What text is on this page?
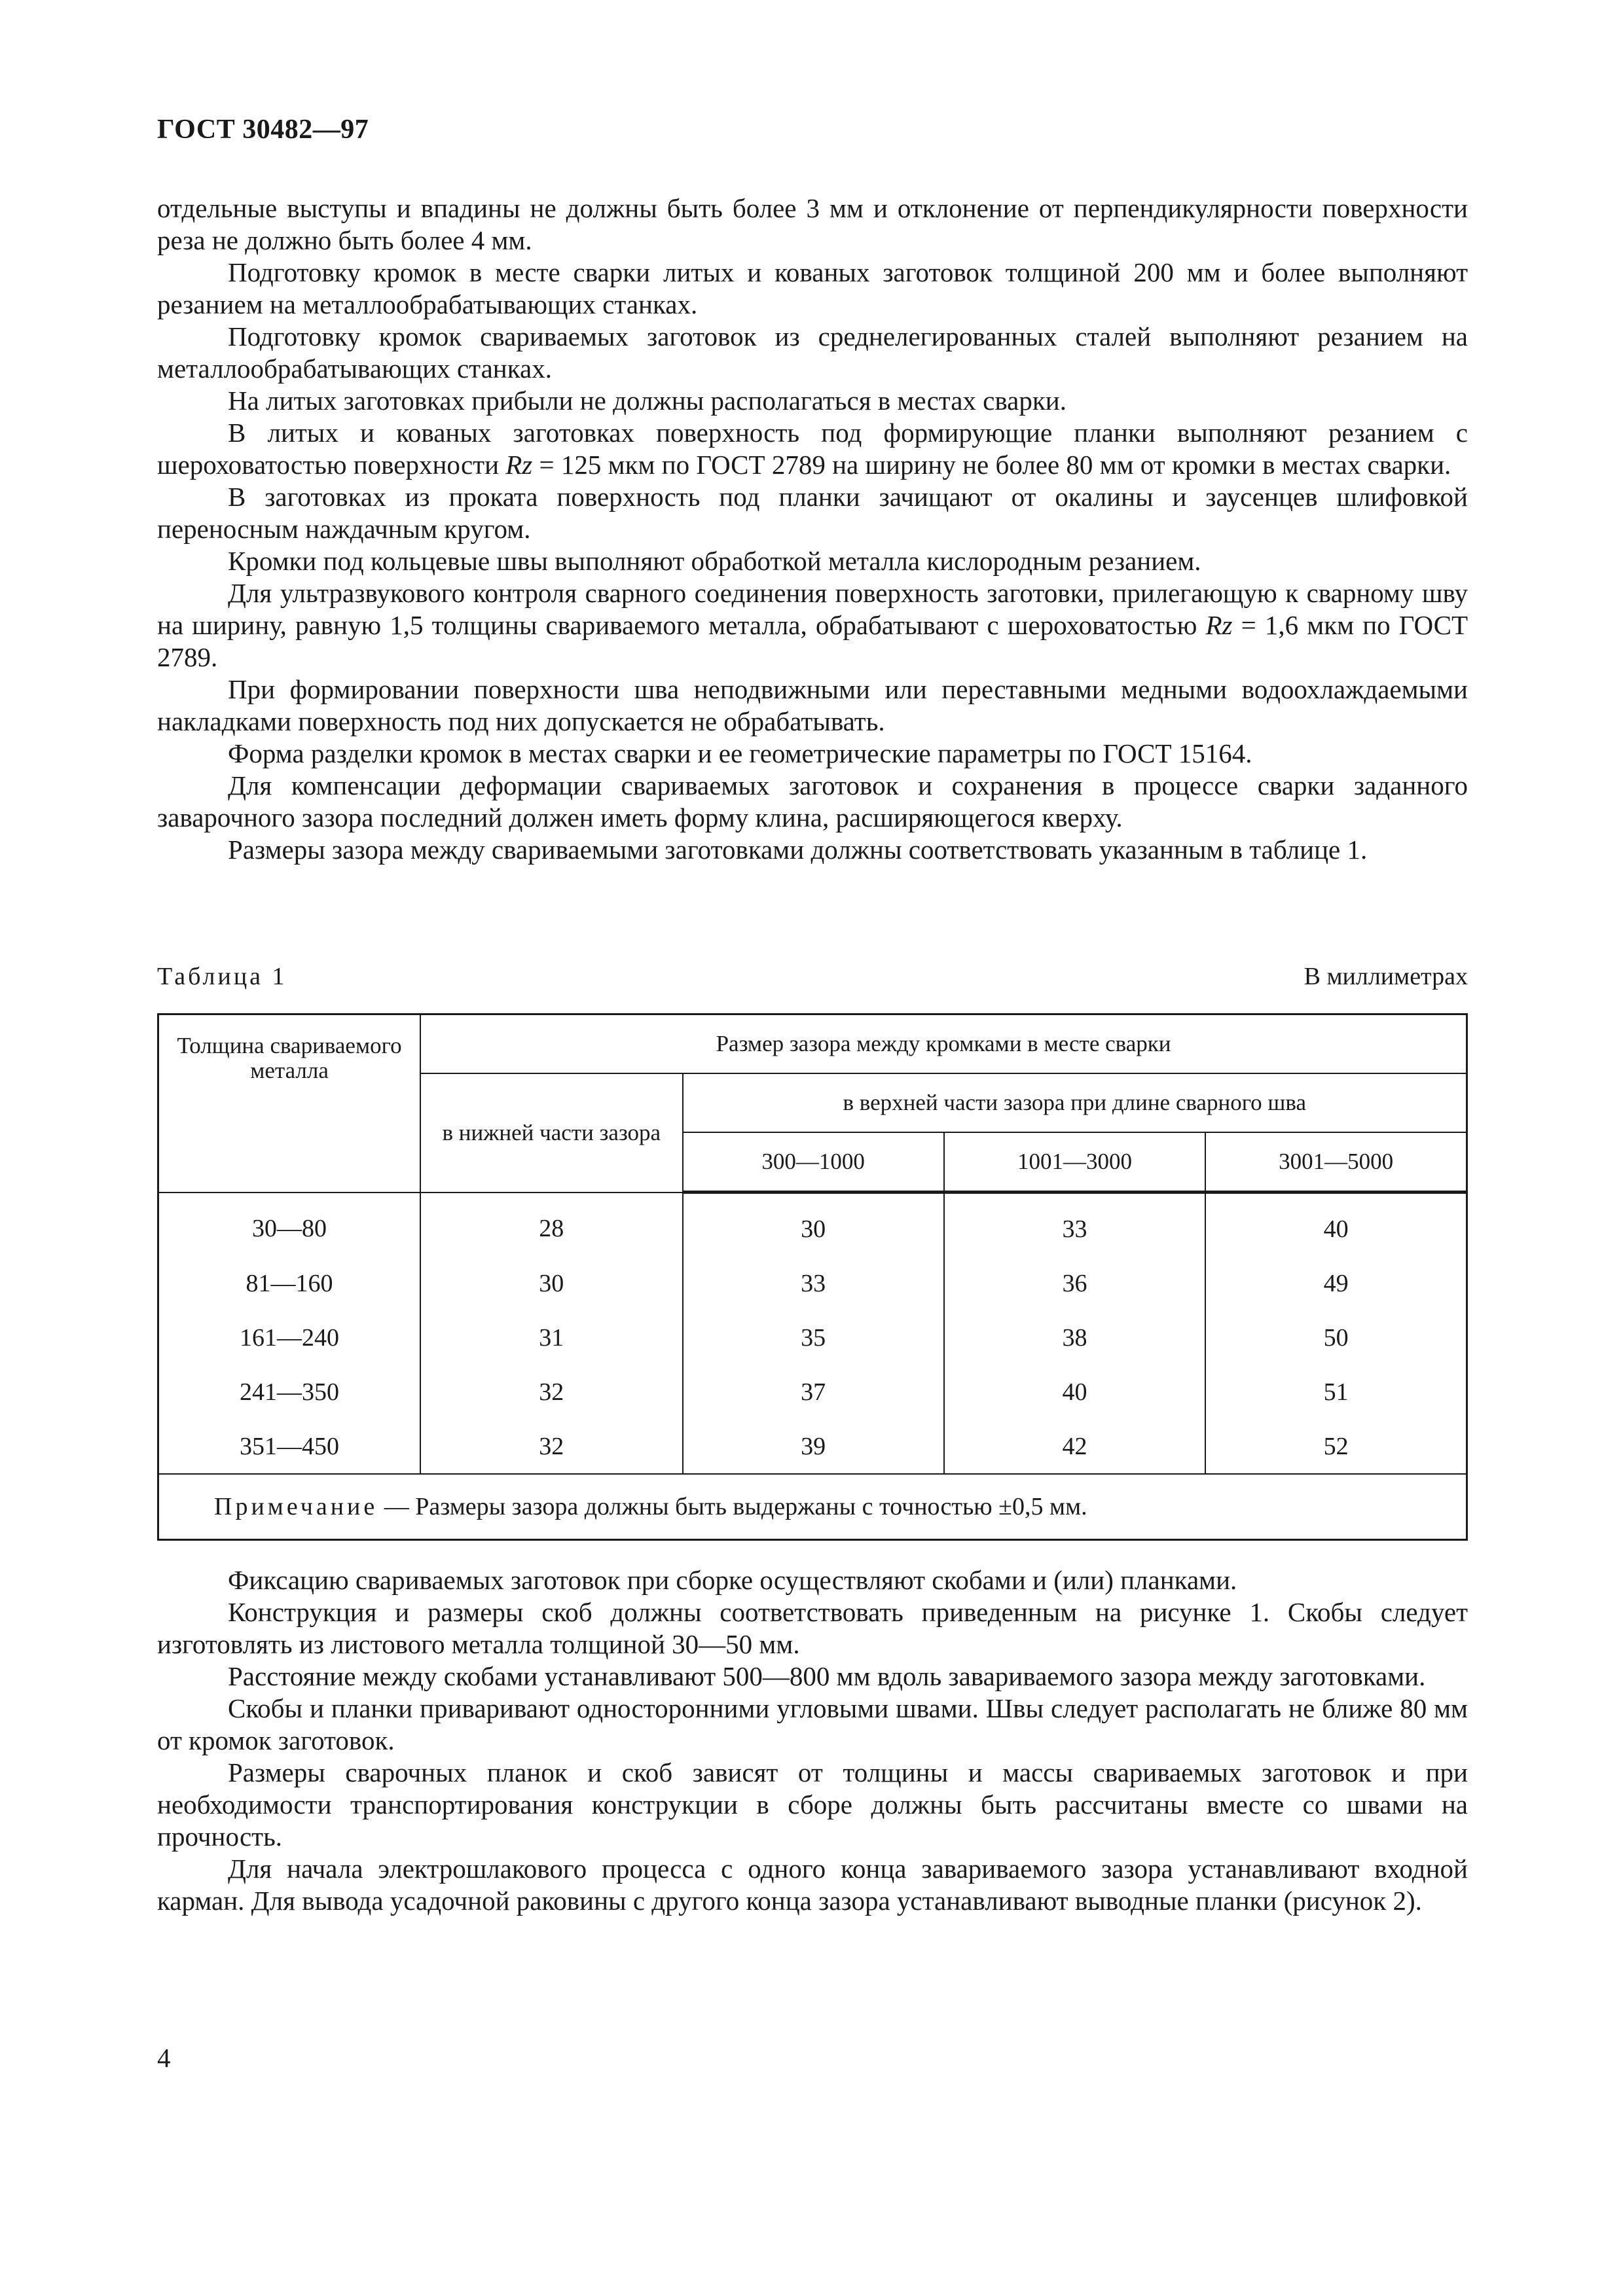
ГОСТ 30482—97

отдельные выступы и впадины не должны быть более 3 мм и отклонение от перпендикулярности поверхности реза не должно быть более 4 мм.

Подготовку кромок в месте сварки литых и кованых заготовок толщиной 200 мм и более выполняют резанием на металлообрабатывающих станках.

Подготовку кромок свариваемых заготовок из среднелегированных сталей выполняют резанием на металлообрабатывающих станках.

На литых заготовках прибыли не должны располагаться в местах сварки.

В литых и кованых заготовках поверхность под формирующие планки выполняют резанием с шероховатостью поверхности Rz = 125 мкм по ГОСТ 2789 на ширину не более 80 мм от кромки в местах сварки.

В заготовках из проката поверхность под планки зачищают от окалины и заусенцев шлифовкой переносным наждачным кругом.

Кромки под кольцевые швы выполняют обработкой металла кислородным резанием.

Для ультразвукового контроля сварного соединения поверхность заготовки, прилегающую к сварному шву на ширину, равную 1,5 толщины свариваемого металла, обрабатывают с шероховатостью Rz = 1,6 мкм по ГОСТ 2789.

При формировании поверхности шва неподвижными или переставными медными водоохлаждаемыми накладками поверхность под них допускается не обрабатывать.

Форма разделки кромок в местах сварки и ее геометрические параметры по ГОСТ 15164.

Для компенсации деформации свариваемых заготовок и сохранения в процессе сварки заданного заварочного зазора последний должен иметь форму клина, расширяющегося кверху.

Размеры зазора между свариваемыми заготовками должны соответствовать указанным в таблице 1.

Таблица 1	В миллиметрах
Толщина свариваемого металла	Размер зазора между кромками в месте сварки			
	в нижней части зазора	в верхней части зазора при длине сварного шва		
		300—1000	1001—3000	3001—5000
30—80	28	30	33	40
81—160	30	33	36	49
161—240	31	35	38	50
241—350	32	37	40	51
351—450	32	39	42	52
Примечание — Размеры зазора должны быть выдержаны с точностью ±0,5 мм.				

Фиксацию свариваемых заготовок при сборке осуществляют скобами и (или) планками.

Конструкция и размеры скоб должны соответствовать приведенным на рисунке 1. Скобы следует изготовлять из листового металла толщиной 30—50 мм.

Расстояние между скобами устанавливают 500—800 мм вдоль завариваемого зазора между заготовками.

Скобы и планки приваривают односторонними угловыми швами. Швы следует располагать не ближе 80 мм от кромок заготовок.

Размеры сварочных планок и скоб зависят от толщины и массы свариваемых заготовок и при необходимости транспортирования конструкции в сборе должны быть рассчитаны вместе со швами на прочность.

Для начала электрошлакового процесса с одного конца завариваемого зазора устанавливают входной карман. Для вывода усадочной раковины с другого конца зазора устанавливают выводные планки (рисунок 2).

4
